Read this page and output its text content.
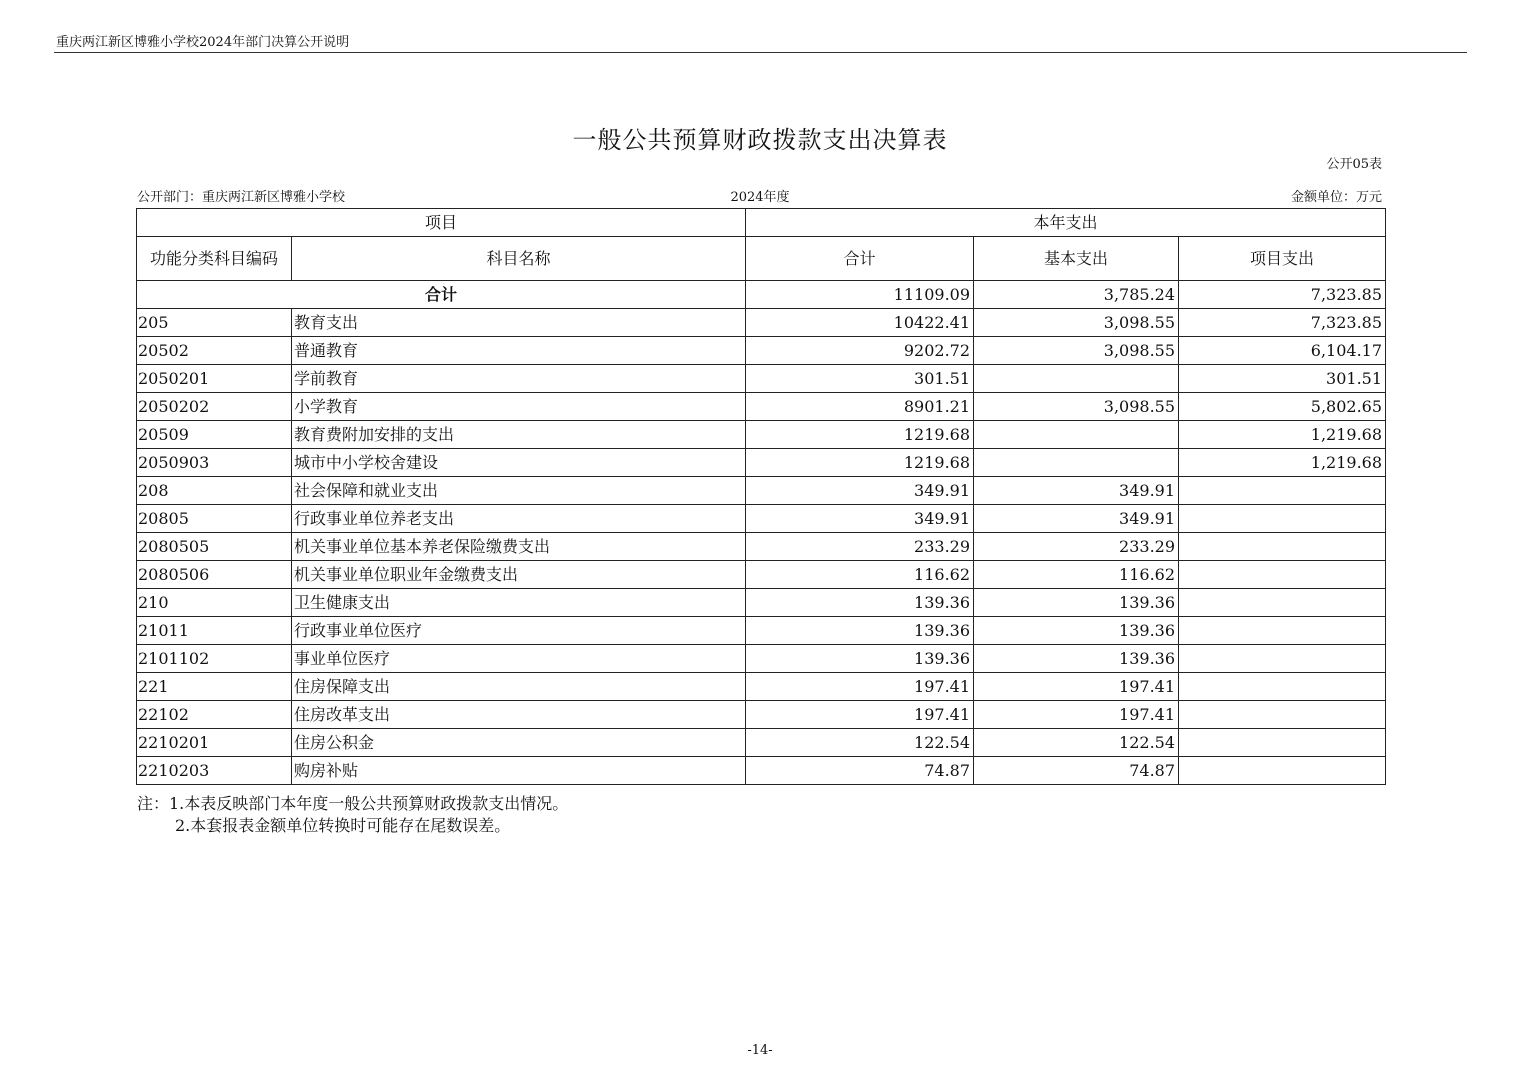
重庆两江新区博雅小学校2024年部门决算公开说明
一般公共预算财政拨款支出决算表
公开05表
公开部门：重庆两江新区博雅小学校	2024年度	金额单位：万元
项目		本年支出		
功能分类科目编码	科目名称	合计	基本支出	项目支出
合计		11109.09	3,785.24	7,323.85
205	教育支出	10422.41	3,098.55	7,323.85
20502	普通教育	9202.72	3,098.55	6,104.17
2050201	学前教育	301.51		301.51
2050202	小学教育	8901.21	3,098.55	5,802.65
20509	教育费附加安排的支出	1219.68		1,219.68
2050903	城市中小学校舍建设	1219.68		1,219.68
208	社会保障和就业支出	349.91	349.91	
20805	行政事业单位养老支出	349.91	349.91	
2080505	机关事业单位基本养老保险缴费支出	233.29	233.29	
2080506	机关事业单位职业年金缴费支出	116.62	116.62	
210	卫生健康支出	139.36	139.36	
21011	行政事业单位医疗	139.36	139.36	
2101102	事业单位医疗	139.36	139.36	
221	住房保障支出	197.41	197.41	
22102	住房改革支出	197.41	197.41	
2210201	住房公积金	122.54	122.54	
2210203	购房补贴	74.87	74.87	
注：1.本表反映部门本年度一般公共预算财政拨款支出情况。
2.本套报表金额单位转换时可能存在尾数误差。
-14-
